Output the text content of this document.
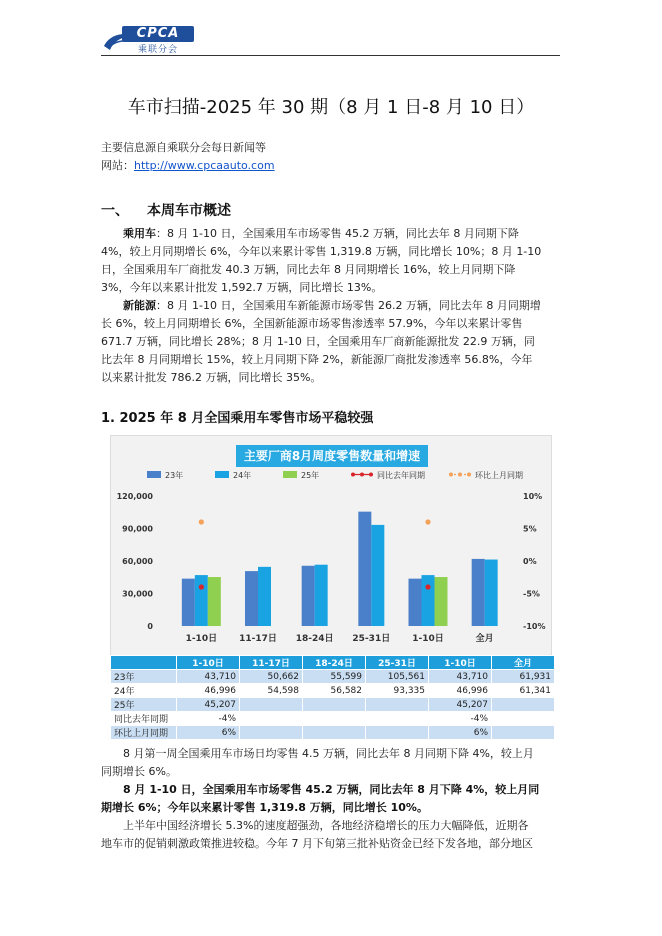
CPCA
乘联分会
车市扫描-2025 年 30 期（8 月 1 日-8 月 10 日）
主要信息源自乘联分会每日新闻等
网站：http://www.cpcaauto.com
一、 本周车市概述
乘用车：8 月 1-10 日，全国乘用车市场零售 45.2 万辆，同比去年 8 月同期下降
4%，较上月同期增长 6%，今年以来累计零售 1,319.8 万辆，同比增长 10%；8 月 1-10
日，全国乘用车厂商批发 40.3 万辆，同比去年 8 月同期增长 16%，较上月同期下降
3%，今年以来累计批发 1,592.7 万辆，同比增长 13%。
新能源：8 月 1-10 日，全国乘用车新能源市场零售 26.2 万辆，同比去年 8 月同期增
长 6%，较上月同期增长 6%，全国新能源市场零售渗透率 57.9%，今年以来累计零售
671.7 万辆，同比增长 28%；8 月 1-10 日，全国乘用车厂商新能源批发 22.9 万辆，同
比去年 8 月同期增长 15%，较上月同期下降 2%，新能源厂商批发渗透率 56.8%，今年
以来累计批发 786.2 万辆，同比增长 35%。
1. 2025 年 8 月全国乘用车零售市场平稳较强
主要厂商8月周度零售数量和增速
23年	24年	25年	同比去年同期	环比上月同期
0
30,000
60,000
90,000
120,000
-10%
-5%
0%
5%
10%
1-10日 11-17日 18-24日 25-31日 1-10日	全月
	1-10日	11-17日	18-24日	25-31日	1-10日	全月
23年	43,710	50,662	55,599	105,561	43,710	61,931
24年	46,996	54,598	56,582	93,335	46,996	61,341
25年	45,207				45,207	
同比去年同期	-4%				-4%	
环比上月同期	6%				6%	
8 月第一周全国乘用车市场日均零售 4.5 万辆，同比去年 8 月同期下降 4%，较上月
同期增长 6%。
8 月 1-10 日，全国乘用车市场零售 45.2 万辆，同比去年 8 月下降 4%，较上月同
期增长 6%；今年以来累计零售 1,319.8 万辆，同比增长 10%。
上半年中国经济增长 5.3%的速度超强劲，各地经济稳增长的压力大幅降低，近期各
地车市的促销刺激政策推进较稳。今年 7 月下旬第三批补贴资金已经下发各地，部分地区
